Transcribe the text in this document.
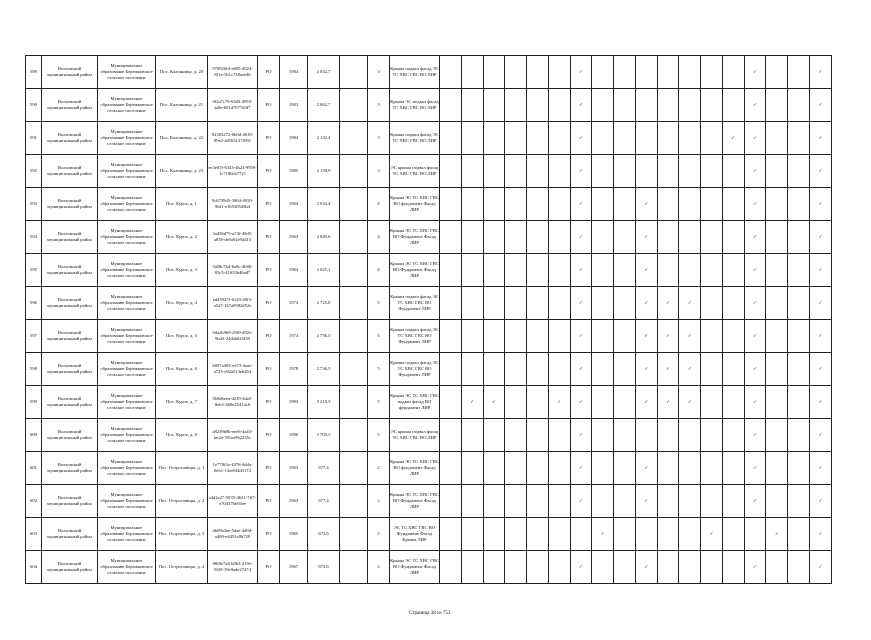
589	Волховский муниципальный район	Муниципальное образование Бережковское сельское поселение	Пос. Калонница, д. 20	970826fd-e605-4024-8f1a-5b1c738aae46	РО	1984	2 032,7		3	Крыша подвал фасад ЭС ТС ХВС ГВС ВО ЛИР							✓								✓			✓
590	Волховский муниципальный район	Муниципальное образование Бережковское сельское поселение	Пос. Калонница, д. 21	0f2a7c79-65d3-4953-adfe-601d7077d3f7	РО	1983	2 062,7		3	Крыша ЭС подвал фасад ТС ХВС ГВС ВО ЛИР							✓								✓			✓
591	Волховский муниципальный район	Муниципальное образование Бережковское сельское поселение	Пос. Калонница, д. 22	92303472-0b0d-4010-89e2-a0563137f091	РО	1984	2 132,4		3	Крыша подвал фасад ЭС ТС ХВС ГВС ВО ЛИР							✓							✓	✓			✓
592	Волховский муниципальный район	Муниципальное образование Бережковское сельское поселение	Пос. Калонница, д. 23	ee3ef03-6343-4b24-9959-1c7180cb7721	РО	1985	2 138,9		3	ЭС крыша подвал фасад ТС ХВС ГВС ВО ЛИР							✓								✓			✓
593	Волховский муниципальный район	Муниципальное образование Бережковское сельское поселение	Пос. Курск, д. 1	9c6739d3-3064-4910-9bf1-e16530545b4	РО	1964	2 034,4		4	Крыша ЭС ТС ХВС ГВС ВО фундамент Фасад ЛИР							✓			✓					✓			✓
594	Волховский муниципальный район	Муниципальное образование Бережковское сельское поселение	Пос. Курск, д. 2	3a456d75-a74f-49d5-a818-de9a92e94d15	РО	1964	2 049,6		4	Крыша ЭС ТС ХВС ГВС ВО Фундамент Фасад ЛИР							✓			✓					✓			✓
595	Волховский муниципальный район	Муниципальное образование Бережковское сельское поселение	Пос. Курск, д. 3	5a08c7b4-6a8c-4b86-83c5-41633b46ad7	РО	1964	2 025,1		4	Крыша ЭС ТС ХВС ГВС ВО Фундамент Фасад ЛИР							✓			✓					✓			✓
596	Волховский муниципальный район	Муниципальное образование Бережковское сельское поселение	Пос. Курск, д. 4	ed45947f-6143-49f3-a527-167a9582d52e	РО	1973	2 725,0		5	Крыша подвал фасад ЭС ТС ХВС ГВС ВО Фундамент ЛИР							✓			✓	✓	✓			✓			✓
597	Волховский муниципальный район	Муниципальное образование Бережковское сельское поселение	Пос. Курск, д. 5	0da2b9b9-29f0-492e-9b43-24dab62f459	РО	1974	2 736,5		5	Крыша подвал фасад ЭС ТС ХВС ГВС ВО Фундамент ЛИР							✓			✓	✓	✓			✓			✓
598	Волховский муниципальный район	Муниципальное образование Бережковское сельское поселение	Пос. Курск, д. 6	b087a403-ed73-4aae-a725-e92a513eb454	РО	1978	2 736,5		5	Крыша подвал фасад ЭС ТС ХВС ГВС ВО Фундамент ЛИР							✓			✓	✓	✓			✓			✓
599	Волховский муниципальный район	Муниципальное образование Бережковское сельское поселение	Пос. Курск, д. 7	5b9d6eea-d239-4da5-8eb3-4b8e25414c6	РО	1983	3 219,5		5	Крыша ЭС ТС ХВС ГВС подвал фасад ВО фундамент ЛИР		✓	✓			✓	✓			✓	✓	✓			✓			✓
600	Волховский муниципальный район	Муниципальное образование Бережковское сельское поселение	Пос. Курск, д. 8	a8239b8b-eee6-4a43-be2a-781ea962235c	РО	1990	3 703,5		5	ЭС крыша подвал фасад ТС ХВС ГВС ВО ЛИР							✓								✓			✓
601	Волховский муниципальный район	Муниципальное образование Бережковское сельское поселение	Пос. Остроговицы, д. 1	1e77f63a-4476-4dda-8eb1-13ee6f4d3174	РО	1963	677,4		2	Крыша ЭС ТС ХВС ГВС ВО фундамент Фасад ЛИР							✓			✓					✓			✓
602	Волховский муниципальный район	Муниципальное образование Бережковское сельское поселение	Пос. Остроговицы, д. 2	a4d2e27-5035-4621-7ff7-e70437bb93ee	РО	1964	677,4		2	Крыша ЭС ТС ХВС ГВС ВО Фундамент Фасад ЛИР							✓			✓					✓			✓
603	Волховский муниципальный район	Муниципальное образование Бережковское сельское поселение	Пос. Остроговицы, д. 3	db09a2ee-5dae-4d9d-a469-e4453c0b729	РО	1965	673,6		2	ЭС ТС ХВС ГВС ВО Фундамент Фасад Крыша ЛИР								✓					✓			✓		✓
604	Волховский муниципальный район	Муниципальное образование Бережковское сельское поселение	Пос. Остроговицы, д. 4	90f0e7a4-b0b3-419e-9f28-39e9ade27d74	РО	1967	673,6		2	Крыша ЭС ТС ХВС ГВС ВО Фундамент Фасад ЛИР							✓			✓					✓			✓
Страница 38 из 753
